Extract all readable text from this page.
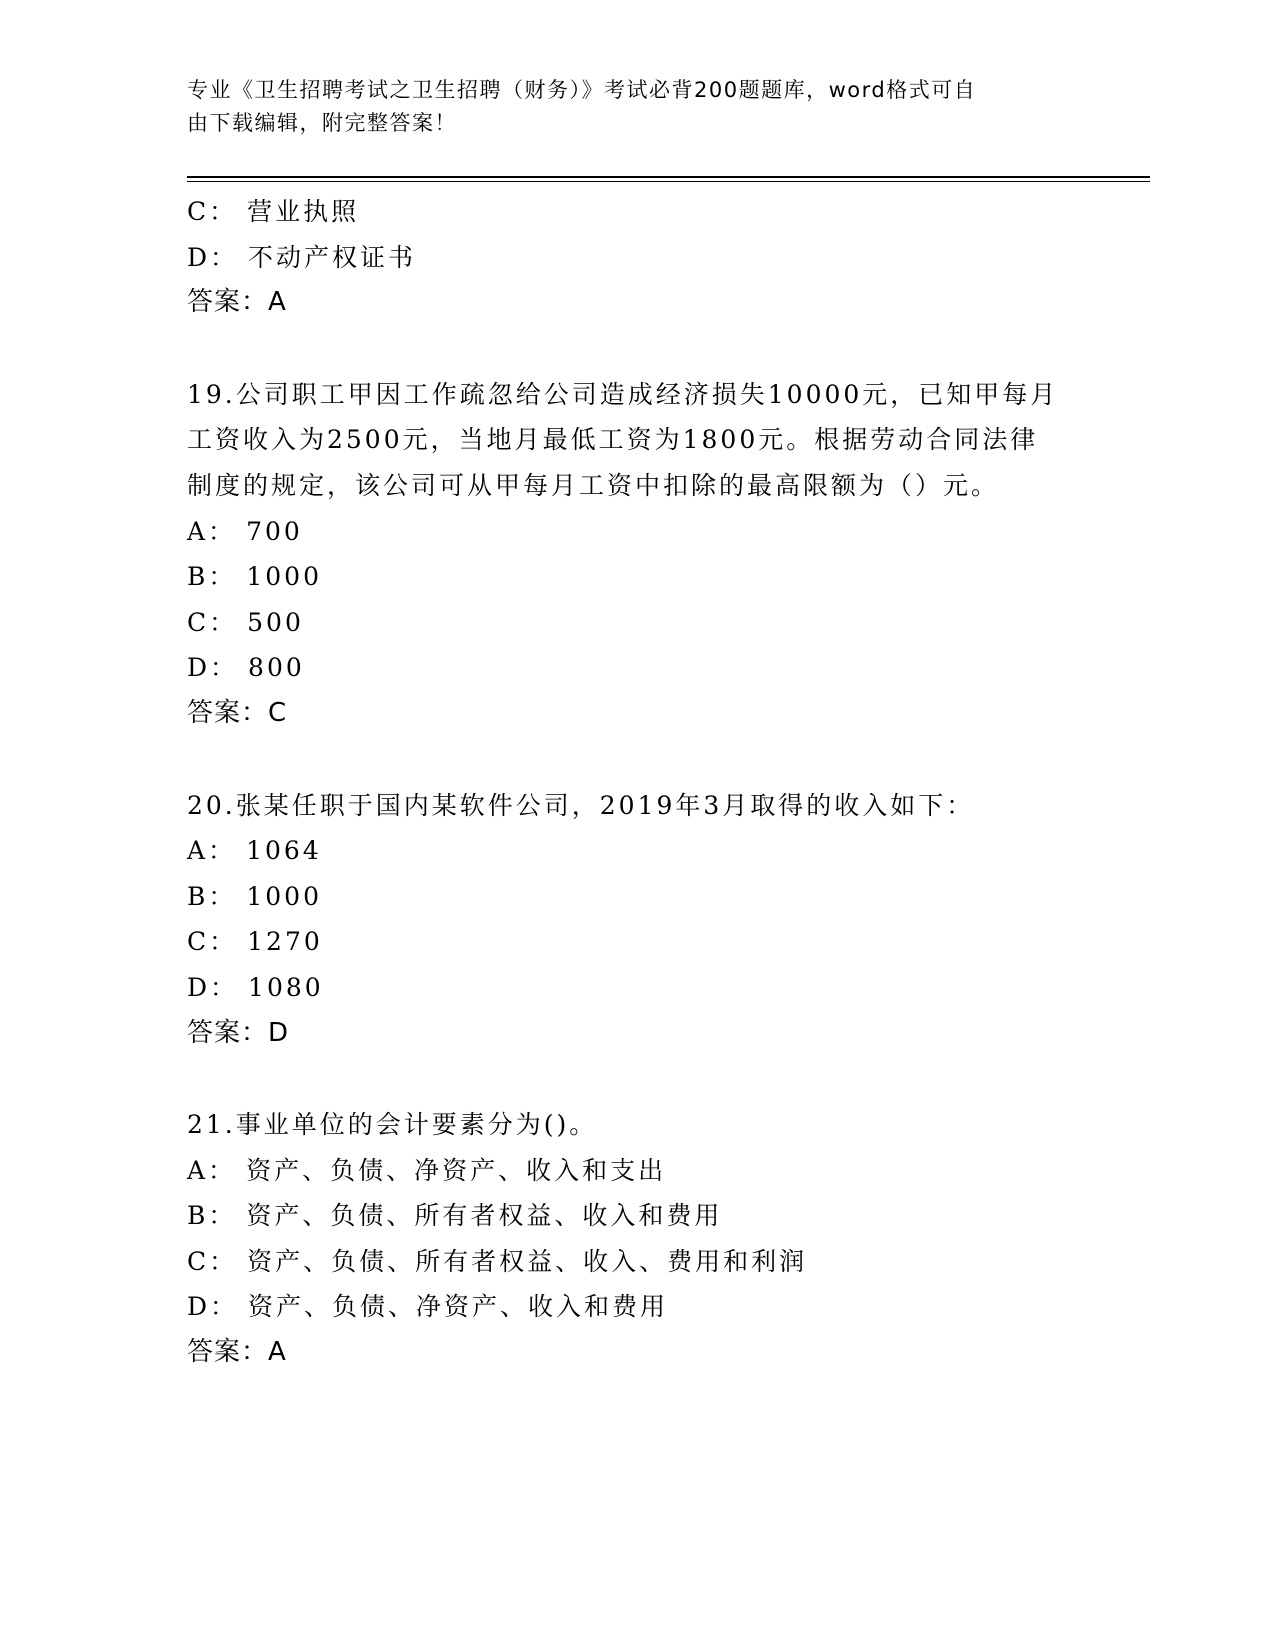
专业《卫生招聘考试之卫生招聘（财务）》考试必背200题题库，word格式可自
由下载编辑，附完整答案！
C： 营业执照
D： 不动产权证书
答案：A
19.公司职工甲因工作疏忽给公司造成经济损失10000元，已知甲每月
工资收入为2500元，当地月最低工资为1800元。根据劳动合同法律
制度的规定，该公司可从甲每月工资中扣除的最高限额为（）元。
A： 700
B： 1000
C： 500
D： 800
答案：C
20.张某任职于国内某软件公司，2019年3月取得的收入如下：
A： 1064
B： 1000
C： 1270
D： 1080
答案：D
21.事业单位的会计要素分为()。
A： 资产、负债、净资产、收入和支出
B： 资产、负债、所有者权益、收入和费用
C： 资产、负债、所有者权益、收入、费用和利润
D： 资产、负债、净资产、收入和费用
答案：A
